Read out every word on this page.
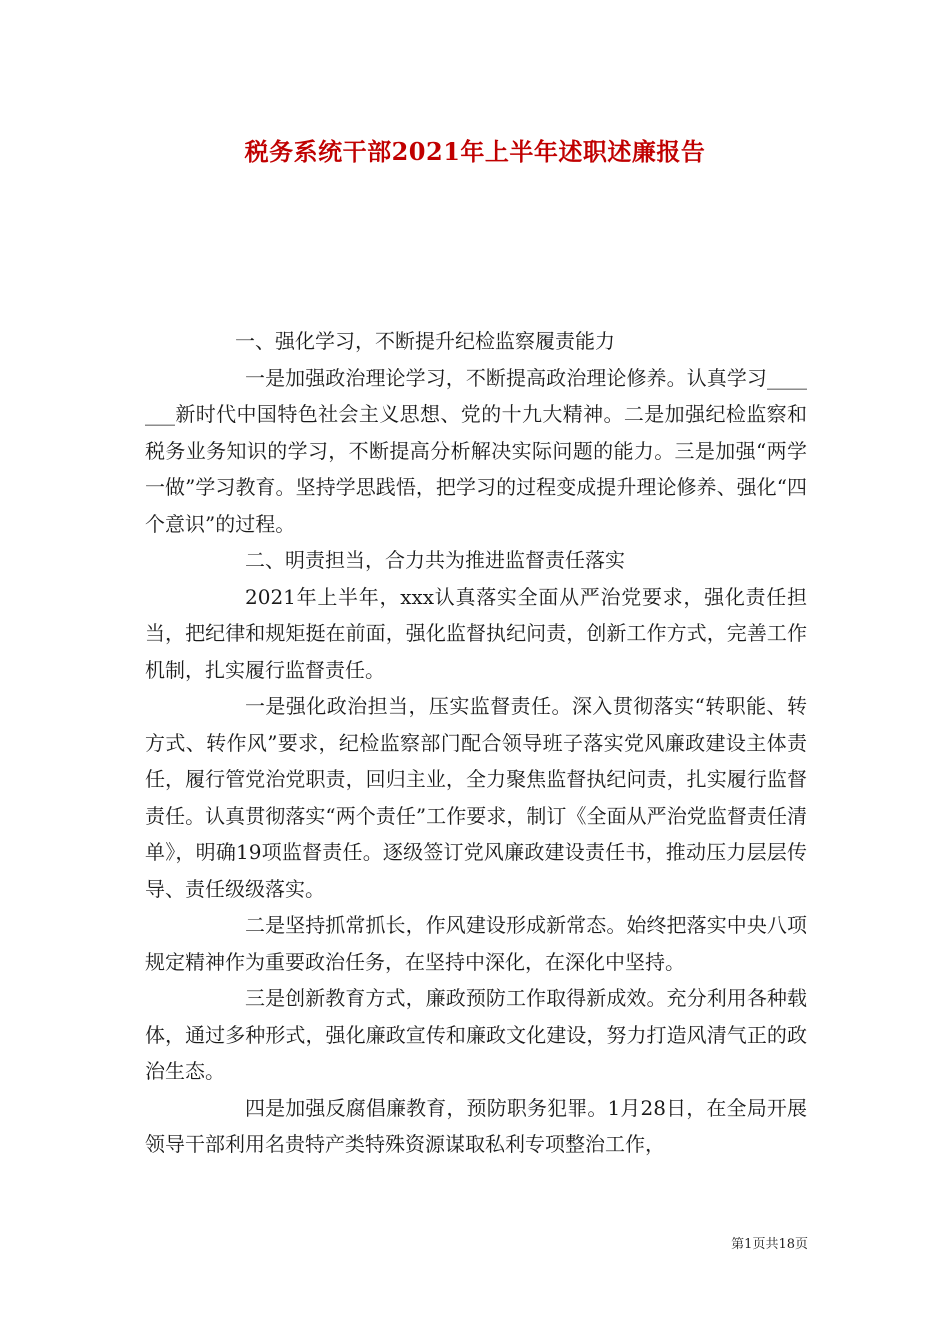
税务系统干部2021年上半年述职述廉报告

一、强化学习，不断提升纪检监察履责能力

一是加强政治理论学习，不断提高政治理论修养。认真学习_______新时代中国特色社会主义思想、党的十九大精神。二是加强纪检监察和税务业务知识的学习，不断提高分析解决实际问题的能力。三是加强“两学一做”学习教育。坚持学思践悟，把学习的过程变成提升理论修养、强化“四个意识”的过程。

二、明责担当，合力共为推进监督责任落实

2021年上半年，xxx认真落实全面从严治党要求，强化责任担当，把纪律和规矩挺在前面，强化监督执纪问责，创新工作方式，完善工作机制，扎实履行监督责任。

一是强化政治担当，压实监督责任。深入贯彻落实“转职能、转方式、转作风”要求，纪检监察部门配合领导班子落实党风廉政建设主体责任，履行管党治党职责，回归主业，全力聚焦监督执纪问责，扎实履行监督责任。认真贯彻落实“两个责任”工作要求，制订《全面从严治党监督责任清单》，明确19项监督责任。逐级签订党风廉政建设责任书，推动压力层层传导、责任级级落实。

二是坚持抓常抓长，作风建设形成新常态。始终把落实中央八项规定精神作为重要政治任务，在坚持中深化，在深化中坚持。

三是创新教育方式，廉政预防工作取得新成效。充分利用各种载体，通过多种形式，强化廉政宣传和廉政文化建设，努力打造风清气正的政治生态。

四是加强反腐倡廉教育，预防职务犯罪。1月28日，在全局开展领导干部利用名贵特产类特殊资源谋取私利专项整治工作，

第1页共18页
